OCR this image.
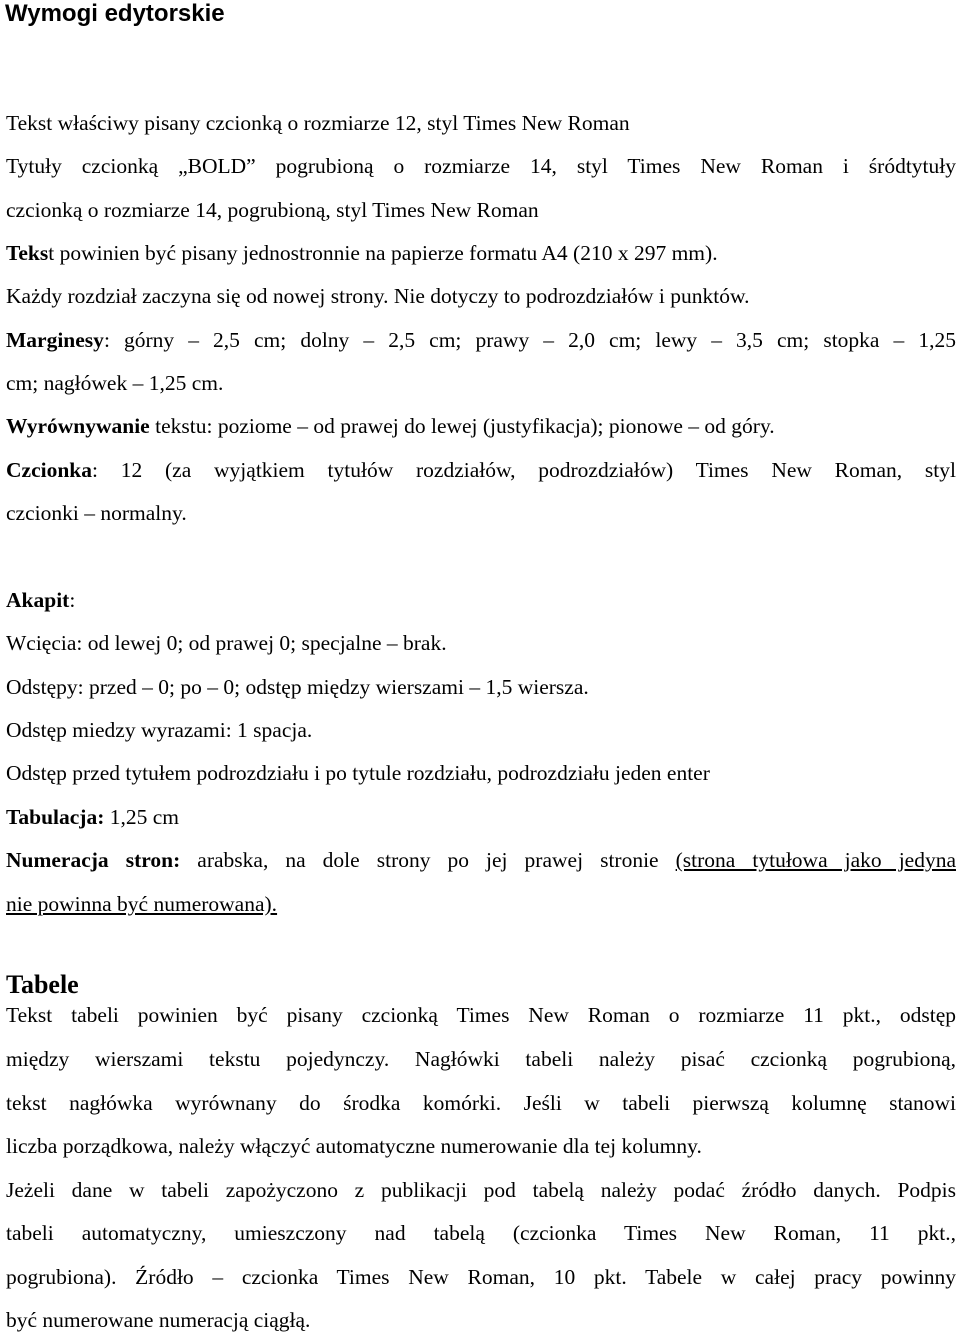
Wymogi edytorskie
Tekst właściwy pisany czcionką o rozmiarze 12, styl Times New Roman
Tytuły czcionką „BOLD” pogrubioną o rozmiarze 14, styl Times New Roman i śródtytuły
czcionką o rozmiarze 14, pogrubioną, styl Times New Roman
Tekst powinien być pisany jednostronnie na papierze formatu A4 (210 x 297 mm).
Każdy rozdział zaczyna się od nowej strony. Nie dotyczy to podrozdziałów i punktów.
Marginesy: górny – 2,5 cm; dolny – 2,5 cm; prawy – 2,0 cm; lewy – 3,5 cm; stopka – 1,25
cm; nagłówek – 1,25 cm.
Wyrównywanie tekstu: poziome – od prawej do lewej (justyfikacja); pionowe – od góry.
Czcionka: 12 (za wyjątkiem tytułów rozdziałów, podrozdziałów) Times New Roman, styl
czcionki – normalny.
Akapit:
Wcięcia: od lewej 0; od prawej 0; specjalne – brak.
Odstępy: przed – 0; po – 0; odstęp między wierszami – 1,5 wiersza.
Odstęp miedzy wyrazami: 1 spacja.
Odstęp przed tytułem podrozdziału i po tytule rozdziału, podrozdziału jeden enter
Tabulacja: 1,25 cm
Numeracja stron: arabska, na dole strony po jej prawej stronie (strona tytułowa jako jedyna
nie powinna być numerowana).
Tabele
Tekst tabeli powinien być pisany czcionką Times New Roman o rozmiarze 11 pkt., odstęp
między wierszami tekstu pojedynczy. Nagłówki tabeli należy pisać czcionką pogrubioną,
tekst nagłówka wyrównany do środka komórki. Jeśli w tabeli pierwszą kolumnę stanowi
liczba porządkowa, należy włączyć automatyczne numerowanie dla tej kolumny.
Jeżeli dane w tabeli zapożyczono z publikacji pod tabelą należy podać źródło danych. Podpis
tabeli automatyczny, umieszczony nad tabelą (czcionka Times New Roman, 11 pkt.,
pogrubiona). Źródło – czcionka Times New Roman, 10 pkt. Tabele w całej pracy powinny
być numerowane numeracją ciągłą.
